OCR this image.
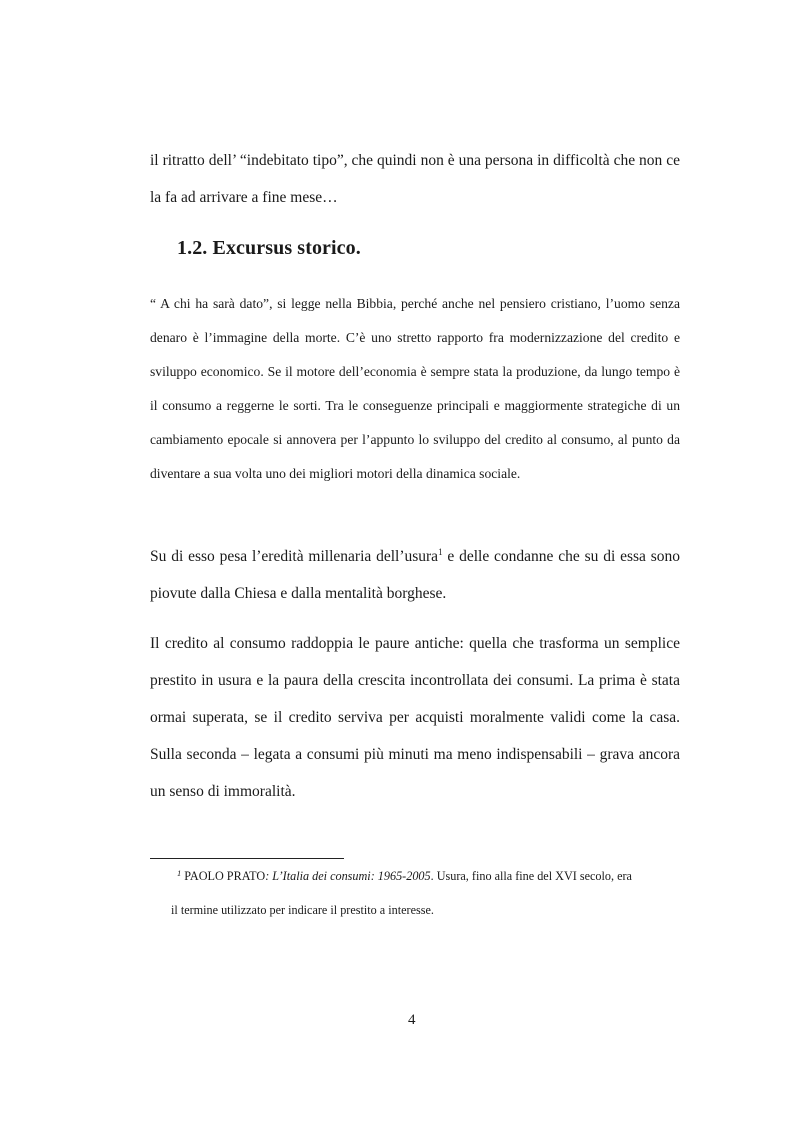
il ritratto dell’ “indebitato tipo”, che quindi non è una persona in difficoltà che non ce la fa ad arrivare a fine mese…

1.2. Excursus storico.

“ A chi ha sarà dato”, si legge nella Bibbia, perché anche nel pensiero cristiano, l’uomo senza denaro è l’immagine della morte. C’è uno stretto rapporto fra modernizzazione del credito e sviluppo economico. Se il motore dell’economia è sempre stata la produzione, da lungo tempo è il consumo a reggerne le sorti. Tra le conseguenze principali e maggiormente strategiche di un cambiamento epocale si annovera per l’appunto lo sviluppo del credito al consumo, al punto da diventare a sua volta uno dei migliori motori della dinamica sociale.

Su di esso pesa l’eredità millenaria dell’usura$^1$ e delle condanne che su di essa sono piovute dalla Chiesa e dalla mentalità borghese.

Il credito al consumo raddoppia le paure antiche: quella che trasforma un semplice prestito in usura e la paura della crescita incontrollata dei consumi. La prima è stata ormai superata, se il credito serviva per acquisti moralmente validi come la casa. Sulla seconda – legata a consumi più minuti ma meno indispensabili – grava ancora un senso di immoralità.

$^1$ PAOLO PRATO: L’Italia dei consumi: 1965-2005. Usura, fino alla fine del XVI secolo, era
il termine utilizzato per indicare il prestito a interesse.

4
